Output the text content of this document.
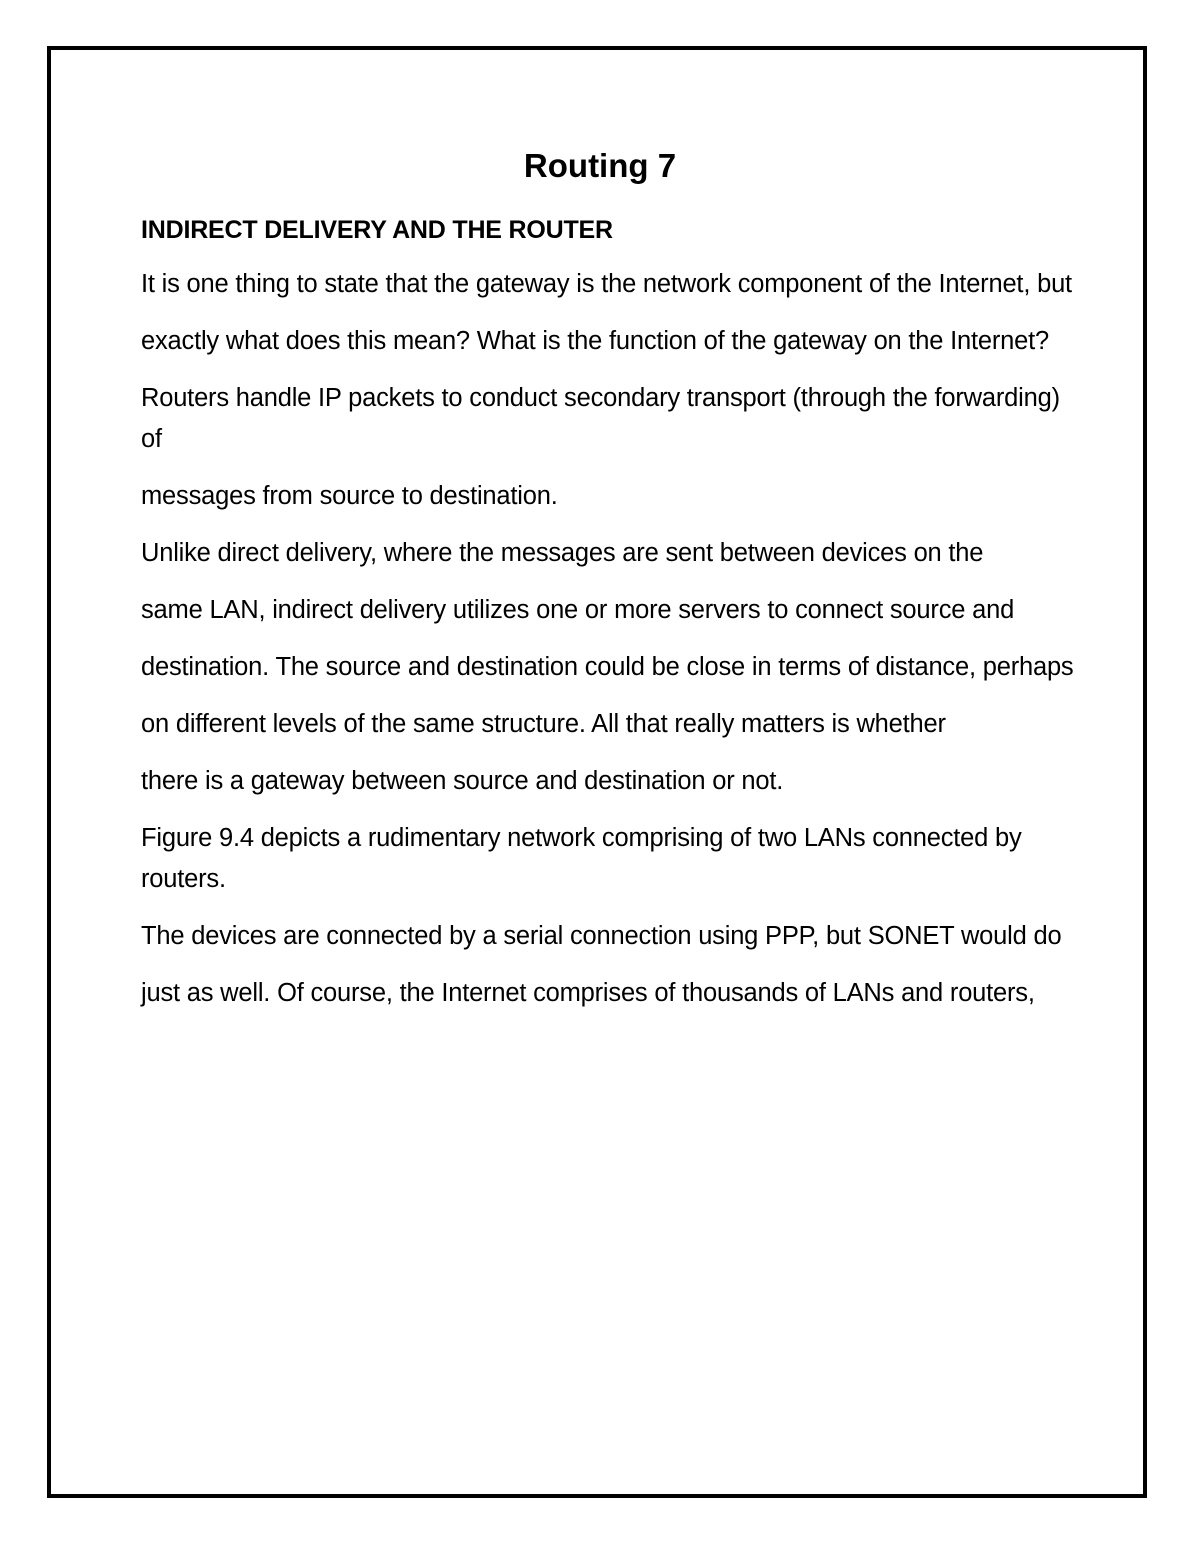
Routing 7
INDIRECT DELIVERY AND THE ROUTER

It is one thing to state that the gateway is the network component of the Internet, but

exactly what does this mean? What is the function of the gateway on the Internet?

Routers handle IP packets to conduct secondary transport (through the forwarding) of

messages from source to destination.

Unlike direct delivery, where the messages are sent between devices on the

same LAN, indirect delivery utilizes one or more servers to connect source and

destination. The source and destination could be close in terms of distance, perhaps

on different levels of the same structure. All that really matters is whether

there is a gateway between source and destination or not.

Figure 9.4 depicts a rudimentary network comprising of two LANs connected by routers.

The devices are connected by a serial connection using PPP, but SONET would do

just as well. Of course, the Internet comprises of thousands of LANs and routers,
